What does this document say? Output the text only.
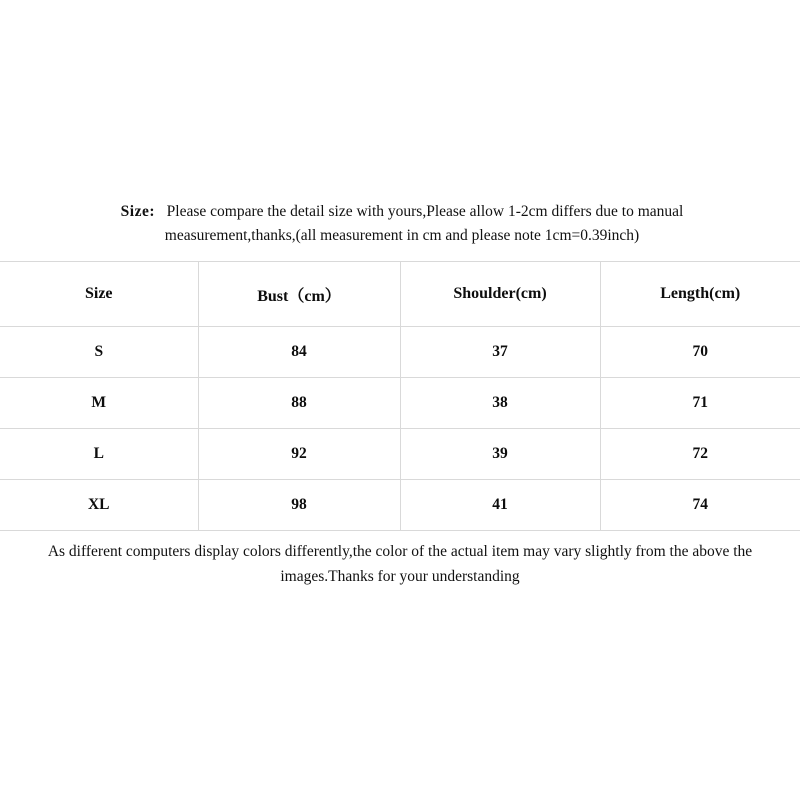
Size: Please compare the detail size with yours,Please allow 1-2cm differs due to manual measurement,thanks,(all measurement in cm and please note 1cm=0.39inch)
Size	Bust（cm）	Shoulder(cm)	Length(cm)
S	84	37	70
M	88	38	71
L	92	39	72
XL	98	41	74
As different computers display colors differently,the color of the actual item may vary slightly from the above the images.Thanks for your understanding
